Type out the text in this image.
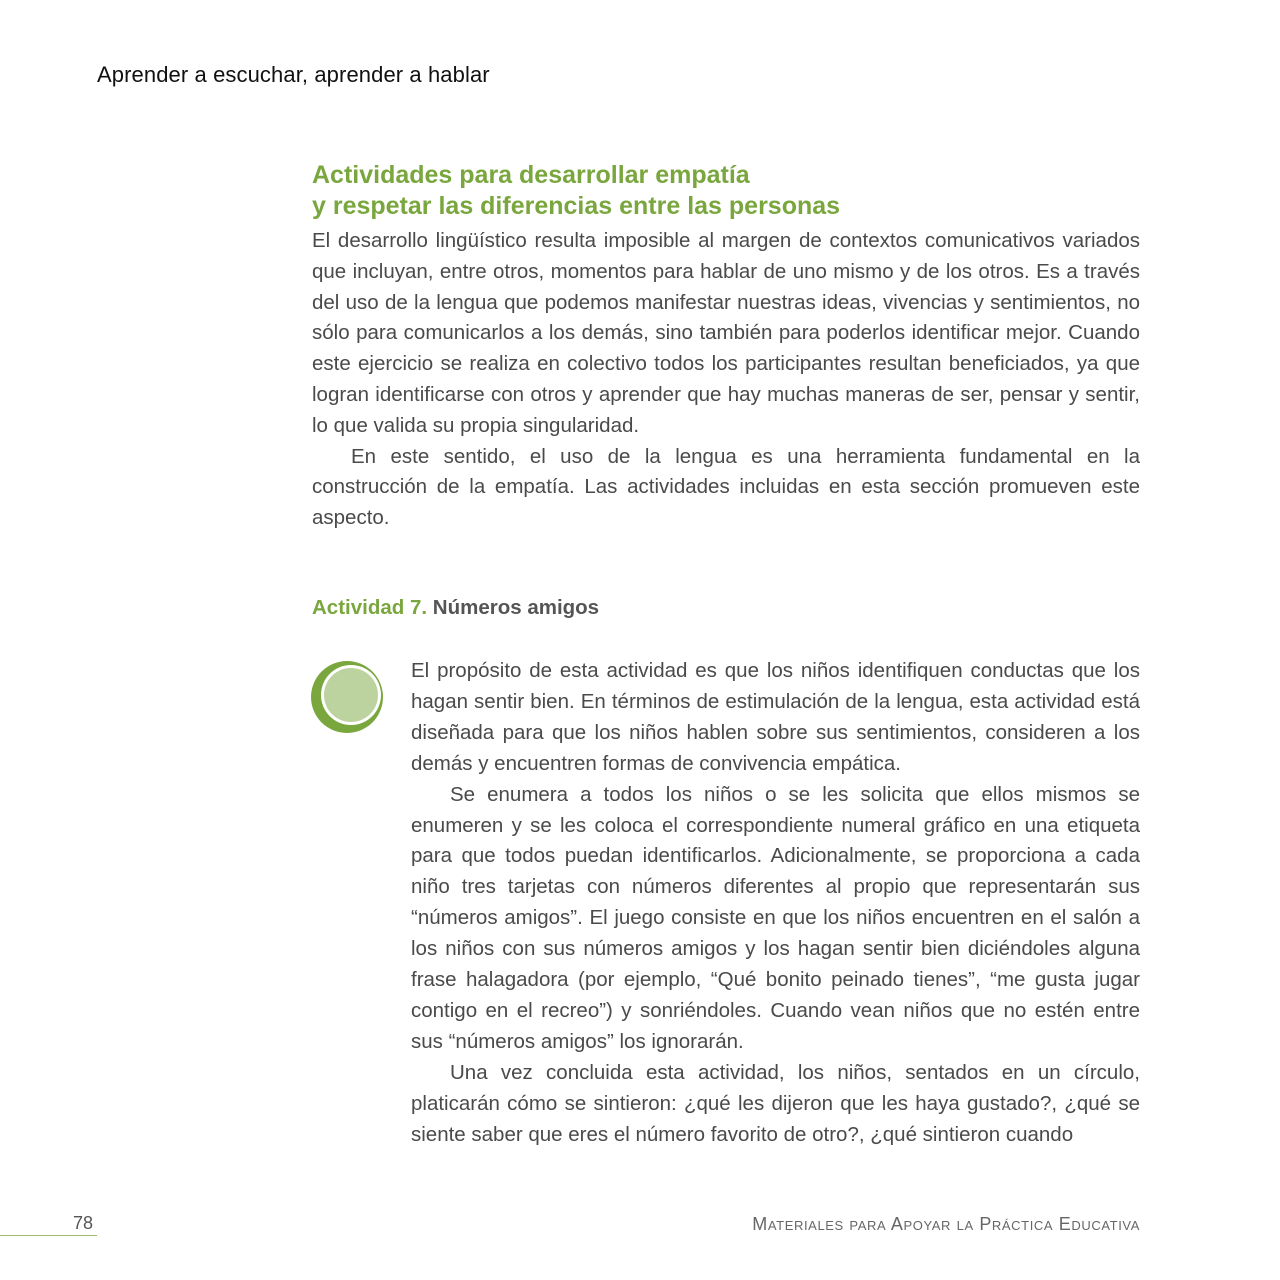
Aprender a escuchar, aprender a hablar
Actividades para desarrollar empatía
y respetar las diferencias entre las personas

El desarrollo lingüístico resulta imposible al margen de contextos comunicativos variados que incluyan, entre otros, momentos para hablar de uno mismo y de los otros. Es a través del uso de la lengua que podemos manifestar nuestras ideas, vivencias y sentimientos, no sólo para comunicarlos a los demás, sino también para poderlos identificar mejor. Cuando este ejercicio se realiza en colectivo todos los participantes resultan beneficiados, ya que logran identificarse con otros y aprender que hay muchas maneras de ser, pensar y sentir, lo que valida su propia singularidad.

En este sentido, el uso de la lengua es una herramienta fundamental en la construcción de la empatía. Las actividades incluidas en esta sección promueven este aspecto.

Actividad 7. Números amigos

El propósito de esta actividad es que los niños identifiquen conductas que los hagan sentir bien. En términos de estimulación de la lengua, esta actividad está diseñada para que los niños hablen sobre sus sentimientos, consideren a los demás y encuentren formas de convivencia empática.

Se enumera a todos los niños o se les solicita que ellos mismos se enumeren y se les coloca el correspondiente numeral gráfico en una etiqueta para que todos puedan identificarlos. Adicionalmente, se proporciona a cada niño tres tarjetas con números diferentes al propio que representarán sus “números amigos”. El juego consiste en que los niños encuentren en el salón a los niños con sus números amigos y los hagan sentir bien diciéndoles alguna frase halagadora (por ejemplo, “Qué bonito peinado tienes”, “me gusta jugar contigo en el recreo”) y sonriéndoles. Cuando vean niños que no estén entre sus “números amigos” los ignorarán.

Una vez concluida esta actividad, los niños, sentados en un círculo, platicarán cómo se sintieron: ¿qué les dijeron que les haya gustado?, ¿qué se siente saber que eres el número favorito de otro?, ¿qué sintieron cuando

78	Materiales para Apoyar la Práctica Educativa
